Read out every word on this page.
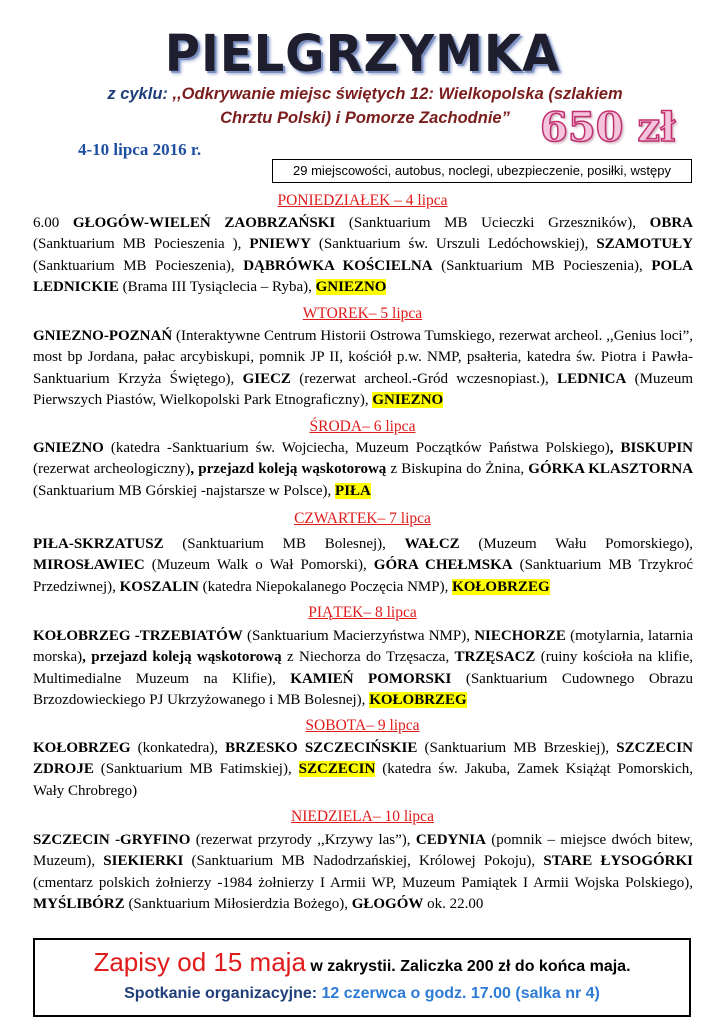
PIELGRZYMKA
z cyklu: ,,Odkrywanie miejsc świętych 12: Wielkopolska (szlakiem
Chrztu Polski) i Pomorze Zachodnie”
4-10 lipca 2016 r.	650 zł
29 miejscowości, autobus, noclegi, ubezpieczenie, posiłki, wstępy
PONIEDZIAŁEK – 4 lipca
6.00 GŁOGÓW-WIELEŃ ZAOBRZAŃSKI (Sanktuarium MB Ucieczki Grzeszników), OBRA (Sanktuarium MB Pocieszenia ), PNIEWY (Sanktuarium św. Urszuli Ledóchowskiej), SZAMOTUŁY (Sanktuarium MB Pocieszenia), DĄBRÓWKA KOŚCIELNA (Sanktuarium MB Pocieszenia), POLA LEDNICKIE (Brama III Tysiąclecia – Ryba), GNIEZNO
WTOREK– 5 lipca
GNIEZNO-POZNAŃ (Interaktywne Centrum Historii Ostrowa Tumskiego, rezerwat archeol. ,,Genius loci”, most bp Jordana, pałac arcybiskupi, pomnik JP II, kościół p.w. NMP, psałteria, katedra św. Piotra i Pawła-Sanktuarium Krzyża Świętego), GIECZ (rezerwat archeol.-Gród wczesnopiast.), LEDNICA (Muzeum Pierwszych Piastów, Wielkopolski Park Etnograficzny), GNIEZNO
ŚRODA– 6 lipca
GNIEZNO (katedra -Sanktuarium św. Wojciecha, Muzeum Początków Państwa Polskiego), BISKUPIN (rezerwat archeologiczny), przejazd koleją wąskotorową z Biskupina do Żnina, GÓRKA KLASZTORNA (Sanktuarium MB Górskiej -najstarsze w Polsce), PIŁA
CZWARTEK– 7 lipca
PIŁA-SKRZATUSZ (Sanktuarium MB Bolesnej), WAŁCZ (Muzeum Wału Pomorskiego), MIROSŁAWIEC (Muzeum Walk o Wał Pomorski), GÓRA CHEŁMSKA (Sanktuarium MB Trzykroć Przedziwnej), KOSZALIN (katedra Niepokalanego Poczęcia NMP), KOŁOBRZEG
PIĄTEK– 8 lipca
KOŁOBRZEG -TRZEBIATÓW (Sanktuarium Macierzyństwa NMP), NIECHORZE (motylarnia, latarnia morska), przejazd koleją wąskotorową z Niechorza do Trzęsacza, TRZĘSACZ (ruiny kościoła na klifie, Multimedialne Muzeum na Klifie), KAMIEŃ POMORSKI (Sanktuarium Cudownego Obrazu Brzozdowieckiego PJ Ukrzyżowanego i MB Bolesnej), KOŁOBRZEG
SOBOTA– 9 lipca
KOŁOBRZEG (konkatedra), BRZESKO SZCZECIŃSKIE (Sanktuarium MB Brzeskiej), SZCZECIN ZDROJE (Sanktuarium MB Fatimskiej), SZCZECIN (katedra św. Jakuba, Zamek Książąt Pomorskich, Wały Chrobrego)
NIEDZIELA– 10 lipca
SZCZECIN -GRYFINO (rezerwat przyrody ,,Krzywy las”), CEDYNIA (pomnik – miejsce dwóch bitew, Muzeum), SIEKIERKI (Sanktuarium MB Nadodrzańskiej, Królowej Pokoju), STARE ŁYSOGÓRKI (cmentarz polskich żołnierzy -1984 żołnierzy I Armii WP, Muzeum Pamiątek I Armii Wojska Polskiego), MYŚLIBÓRZ (Sanktuarium Miłosierdzia Bożego), GŁOGÓW ok. 22.00
Zapisy od 15 maja w zakrystii. Zaliczka 200 zł do końca maja.
Spotkanie organizacyjne: 12 czerwca o godz. 17.00 (salka nr 4)
